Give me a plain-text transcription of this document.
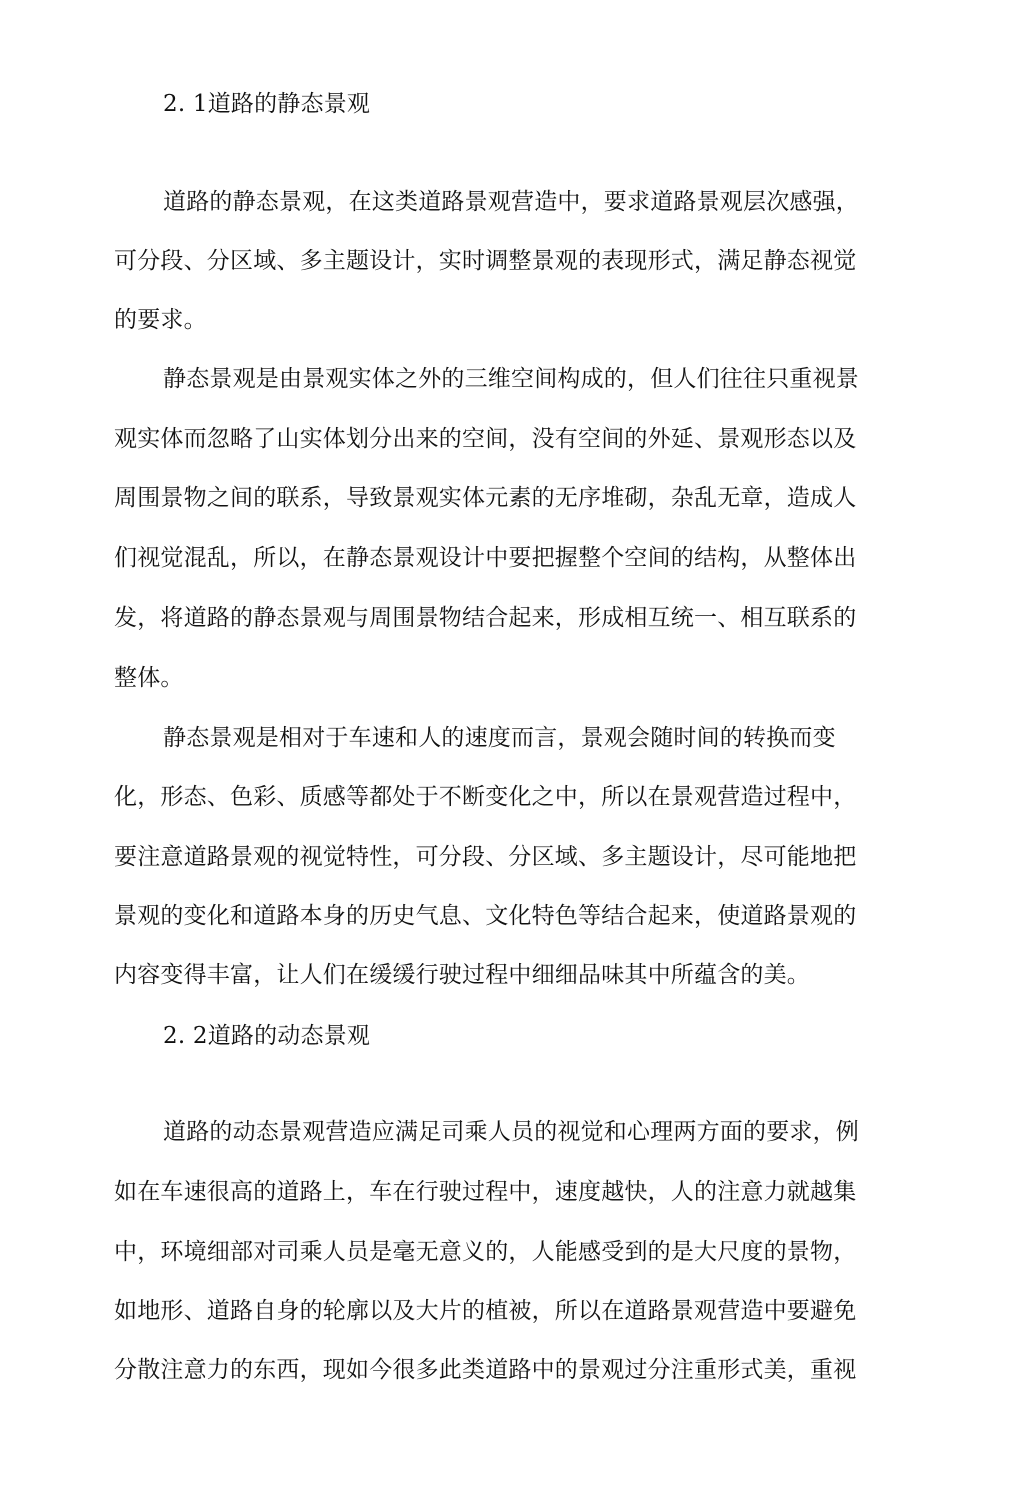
2. 1道路的静态景观
道路的静态景观，在这类道路景观营造中，要求道路景观层次感强，
可分段、分区域、多主题设计，实时调整景观的表现形式，满足静态视觉
的要求。
静态景观是由景观实体之外的三维空间构成的，但人们往往只重视景
观实体而忽略了山实体划分出来的空间，没有空间的外延、景观形态以及
周围景物之间的联系，导致景观实体元素的无序堆砌，杂乱无章，造成人
们视觉混乱，所以，在静态景观设计中要把握整个空间的结构，从整体出
发，将道路的静态景观与周围景物结合起来，形成相互统一、相互联系的
整体。
静态景观是相对于车速和人的速度而言，景观会随时间的转换而变
化，形态、色彩、质感等都处于不断变化之中，所以在景观营造过程中，
要注意道路景观的视觉特性，可分段、分区域、多主题设计，尽可能地把
景观的变化和道路本身的历史气息、文化特色等结合起来，使道路景观的
内容变得丰富，让人们在缓缓行驶过程中细细品味其中所蕴含的美。
2. 2道路的动态景观
道路的动态景观营造应满足司乘人员的视觉和心理两方面的要求，例
如在车速很高的道路上，车在行驶过程中，速度越快，人的注意力就越集
中，环境细部对司乘人员是毫无意义的，人能感受到的是大尺度的景物，
如地形、道路自身的轮廓以及大片的植被，所以在道路景观营造中要避免
分散注意力的东西，现如今很多此类道路中的景观过分注重形式美，重视
